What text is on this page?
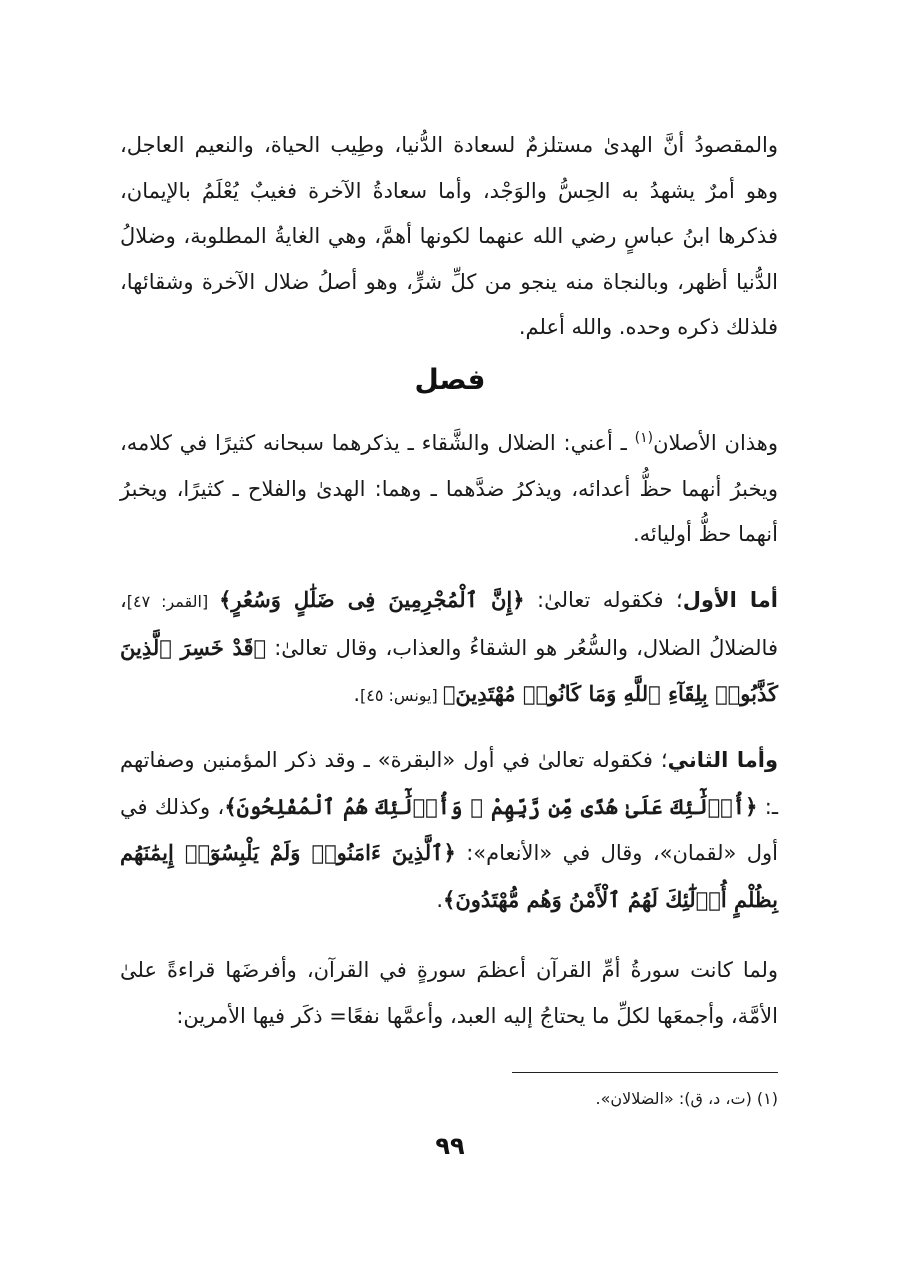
والمقصودُ أنَّ الهدىٰ مستلزمٌ لسعادة الدُّنيا، وطِيب الحياة، والنعيم العاجل، وهو أمرٌ يشهدُ به الحِسُّ والوَجْد، وأما سعادةُ الآخرة فغيبٌ يُعْلَمُ بالإيمان، فذكرها ابنُ عباسٍ رضي الله عنهما لكونها أهمَّ، وهي الغايةُ المطلوبة، وضلالُ الدُّنيا أظهر، وبالنجاة منه ينجو من كلِّ شرٍّ، وهو أصلُ ضلال الآخرة وشقائها، فلذلك ذكره وحده. والله أعلم.

فصل

وهذان الأصلان$^{(١)}$ ـ أعني: الضلال والشَّقاء ـ يذكرهما سبحانه كثيرًا في كلامه، ويخبرُ أنهما حظُّ أعدائه، ويذكرُ ضدَّهما ـ وهما: الهدىٰ والفلاح ـ كثيرًا، ويخبرُ أنهما حظُّ أوليائه.

أما الأول؛ فكقوله تعالىٰ: ﴿إِنَّ ٱلْمُجْرِمِينَ فِى ضَلَٰلٍ وَسُعُرٍ﴾ [القمر: ٤٧]، فالضلالُ الضلال، والسُّعُر هو الشقاءُ والعذاب، وقال تعالىٰ: ﴿قَدْ خَسِرَ ٱلَّذِينَ كَذَّبُوا۟ بِلِقَآءِ ٱللَّهِ وَمَا كَانُوا۟ مُهْتَدِينَ﴾ [يونس: ٤٥].

وأما الثاني؛ فكقوله تعالىٰ في أول «البقرة» ـ وقد ذكر المؤمنين وصفاتهم ـ: ﴿أُو۟لَٰٓئِكَ عَلَىٰ هُدًى مِّن رَّبِّهِمْ ۖ وَأُو۟لَٰٓئِكَ هُمُ ٱلْمُفْلِحُونَ﴾، وكذلك في أول «لقمان»، وقال في «الأنعام»: ﴿ٱلَّذِينَ ءَامَنُوا۟ وَلَمْ يَلْبِسُوٓا۟ إِيمَٰنَهُم بِظُلْمٍ أُو۟لَٰٓئِكَ لَهُمُ ٱلْأَمْنُ وَهُم مُّهْتَدُونَ﴾.

ولما كانت سورةُ أمِّ القرآن أعظمَ سورةٍ في القرآن، وأفرضَها قراءةً علىٰ الأمَّة، وأجمعَها لكلِّ ما يحتاجُ إليه العبد، وأعمَّها نفعًا= ذكَر فيها الأمرين:

(١) (ت، د، ق): «الضلالان».
٩٩
